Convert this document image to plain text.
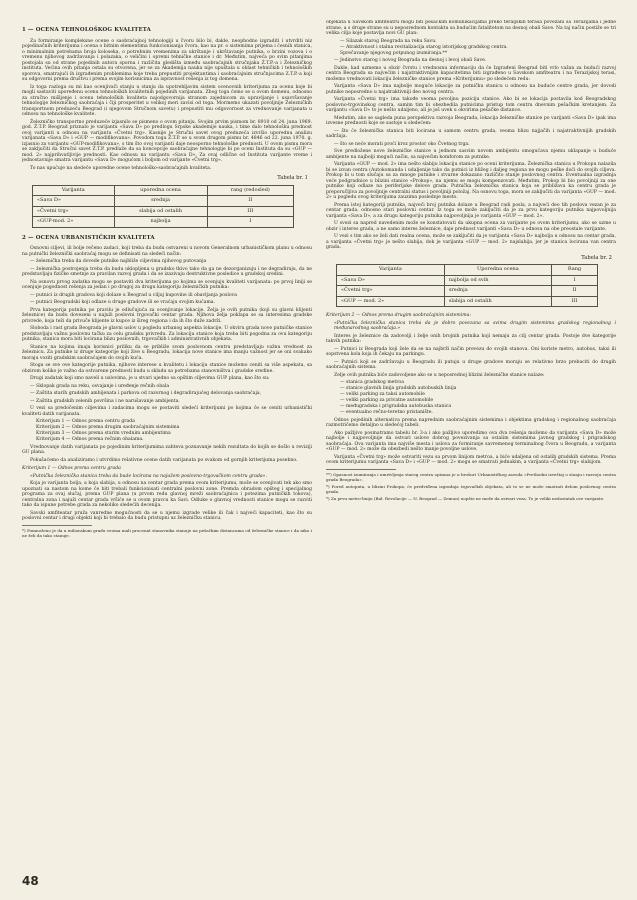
1 — OCENA TEHNOLOŠKOG KVALITETA

Za formiranje kompleksne ocene o saobraćajnoj tehnologiji u čvoru bilo bi, dakle, neophodno izgraditi i utvrditi niz pojedinačnih kriterijuma i ocena o bitnim elementima funkcionisanja čvora, kao na pr. o sistemima prijema i ćesnih stanica, o minimalnim potrebama broja koloseka, o potrebnim vremenima za ukrštanje i ukrštavanje putnika, o brzini vozova i o vremenu njihovog zadržavanja i polazaka, o veličini i opremi tehničke stanice i dr. Međutim, najveća po svim pitanjima postojala su od strane pojedinih autora sporna i različita gledišta između saobraćajnih stručnjaka Ž.T.P.-a i Železničkog instituta. Većina ovih pitanja ostala su otvorena, jer se za Akademija nauka nije upuštala u oblast tehničkih i tehnoloških sporova, smatrajući ih izgrađenim problemima koje treba prepustiti projektantima i saobraćajnim stručnjacima Z.T.P.-a koji su odgovorni prema društvu i prema svojim korisnicima za ispravnost rešenja iz tog domena.

Iz toga razloga su mi kao ocenjivači stanju u stanju da upotrebljavim sistem ocenovnih kriterijuma za ocenu koje bi mogli sastaviti upoređenu ocenu tehnoloških kvalitetnih pojedinih varijanata. Zbog toga ćemo se u ovom domenu, odnosno za stručno mišljenje i ocenu tehnoloških kvaliteta najodgovornija stranom zajednicom za upravljanje i usavršavanje tehnologije železničkog saobraćaja i čiji prosperitet u velikoj meri zavisi od toga. Mormemo ukazati povoljnije Železničkih transportnom preduzeću Beograd (i njegovom Stručnom savetu) i prepustiti mu odgovornost za vrednovanje varijanata u odnosu na tehnološke kvalitete.

Železničko transportno preduzeće izjasnilo se pismeno o ovom pitanju. Svojim prvim pismom br. 8910 od 24. juna 1969. god. Ž.T.P. Beograd priznalo je varijantu «Sava D» po predlogu Srpske akademije nauka, i time dalo tehnološku prednost ovoj varijanti u odnosu na varijantu «Čvetni trg». Kasnije je Stručni savet ovog preduzeća izvršio uporednu analizu varijanata «Sava D» i «GUP — modifikovana». Povodom toga Ž.T.P. se u svom drugom pismu br. 4846 od 22. juna 1970. g. izjasnio za varijantu «GUP-modifikovana», s tim što ovoj varijanti daje neosporno tehnološke prednosti. U ovom pismu mora se zaključiti da Stručni savet Ž.T.P. predlaže da sa koncepcije saobraćajne tehnologije bi po oceni Instituta da su «GUP — mod. 2» najprihvatljivije prednosti. Kao odnosu na varijantu «Sava D». Za ovaj odlične od Instituta varijante vreme i jednostavnije smatra varijantu «Sava D» mogućom i boljom od varijante «Čvetni trg».

To nas upućuje na sledeće uporedne ocene tehnološko-saobraćajnih kvaliteta.

Tabela br. 1
Varijanta	uporedna ocena	rang (redosled)
«Sava D»	srednja	II
«Čvetni trg»	slabija od ostalih	III
«GUP-mod. 2»	najbolja	I
2 — OCENA URBANISTIČKIH KVALITETA

Osnovni ciljevi, ili bolje rečeno zadaci, koji treba da budu ostvareni u novom Generalnom urbanističkom planu u odnosu na putnički železnički saobraćaj mogu se definisati na sledeći način:

— železnička treba da dovede putnike najbliže ciljevima njihovog putovanja

— železnička postrojenja treba da budu uklopljena u gradsko tkivo tako da ga ne dezorganizuju i ne degradiraju, da ne predstavljaju fizičke smetnje za pravilan razvoj grada i da se izazivaju destruktivne posledice u gradskoj sredini.

Na osnovu prvog zadatka mogu se postaviti dva kriterijuma po kojima se ocenjuju kvaliteti varijanata: po prvoj liniji se ocenjuje pogodnost rešenja za jedan i po drugoj za drugu kategoriju železničkih putnika:

— putnici iz drugih gradova koji dolaze u Beograd u ciljuj kupovine ili obavljanja poslova

— putnici Beogradski koji odlaze u druge gradove ili se vraćaju svojim kućama.

Prva kategorija putnika po pravilu je odlučujuća za ocenjivanje lokacije. Želja je ovih putnika (koji su glavni klijenti železnice) da budu dovezeni u najuži poslovni trgovački centar grada. Njihova želja poklapa se sa interesima gradske privrede, koja teži da privuče klijente iz kupce iz šireg regiona i da ih što duže zadrži.

Sloboda i rast grada Beograda je glavni uslov u pogledu urbanog aspekta lokacije. U okviru grada nove putničke stanice predstavljaju važnu poslovnu tačku za celu gradsku privredu. Za lokaciju stanice koja treba biti pogodna za ovu kategoriju putnika, stanica mora biti locirana blizu poslovnih, trgovačkih i administrativnih objekata.

Stanice na kojima imaju korisnici priliku da se približe svom poslovnom centru predstavljaju važnu vrednost za železnicu. Za putnike iz druge kategorije koji žive u Beogradu, lokacija nove stanice ima manju važnost jer se oni svakako moraju voziti gradskim saobraćajem do svojih kuća.

Stoga se sve ove kategorije putnika, njihove interese u kvalitetu i lokaciju stanice možemo ceniti sa više aspekata, sa obzirom koliko je važno da ostvarene prednosti budu u skladu sa potrebama stanovništva i gradske sredine.

Drugi zadatak koji smo naveli u uslovima, je u stvari ujedno sa opštim ciljevima GUP plana, kao što su:

— Sklopak grada na reku, osvajanje i uređenje rečnih obala

— Zaštita starih gradskih ambijenata i parkova od razornog i degradirajućeg delovanja saobraćaja,

— Zaštita gradskih zelenih površina i ne narušavanje ambijenta.

U vezi sa predočenim ciljevima i zadacima mogu se postaviti sledeći kriterijumi po kojima će se ceniti urbanistički kvaliteti datih varijanata.

Kriterijum 1 — Odnos prema centru grada
Kriterijum 2 — Odnos prema drugim saobraćajnim sistemima
Kriterijum 3 — Odnos prema starim vrednim ambijentima
Kriterijum 4 — Odnos prema rečnim obalama.

Vrednovanje datih varijanata po pojedinim kriterijumima zahteva poznavanje nekih rezultata do kojih se došlo u reviziji GU plana.

Pokušaćemo da analiziramo i utvrdimo relativne ocene datih varijanata po svakom od gornjih kriterijuma posebno.

Kriterijum 1 — Odnos prema centru grada

«Putnička železnička stanica treba da bude locirana na najužem poslovno-trgovačkom centru grada».

Koja je varijanta bolja, a koja slabija, u odnosu na centar grada prema ovom kriterijumu, može se ocenjivati tek ako smo upoznati sa nastom na kome će biti trebali funkcionisati centralni poslovni zone. Premda obradom opšteg i specijalnog programa za ovaj slučaj, prema GUP plana (u prvom redu glavnoj mreži saobraćajnica i potezima putničkih tokova), centralna zona i najuži centar grada vršiće se u ovom pravcu ka Savi. Odluke o glavnoj vrednosti stanice mogu se razviti tako da ispune potrebe grada za nekoliko sledećih decenija.

Savski amfiteatar pruža vanredne mogućnosti da se u njemu izgrade velike ili čak i najveći kapaciteti, kao što su poslovni centar i drugi objekti koji bi trebalo da budu pristupni uz železničku stanicu.

*) Pomnoženo je da u milionskom gradu veoma mali procenat stanovnika stanuje na pešačkim distancama od železničke stanice i da niko i ne želi da tako stanuje.

objekata u Savskom amfiteatru mogu biti pešačkim komunikacijama preko teraljskih terasa povezani sa Terazijama i jedne strane, a s druge strane su u neposrednom kontaktu sa budućim fatalitetom na desnoj obali Save. Na taj način postiže se tri velika cilja koje postavlja novi GU plan:

— Silazak starog Beograda na reku Savu.
— Atraktivnost i stalna revitalizacija starog istorijskog gradskog centra.
Sprečavanje njegovog potpunog izumiranja.**

— Jedinstvo starog i novog Beograda na desnoj i levoj obali Save.

Dakle, kad uzmemo u obzir čvrstu i vrednosnu informaciju da će Izgrađeni Beograd biti vrlo važan za budući razvoj centra Beograda sa najvećim i najatraktivnijim kapacitetima biti izgrađeno u Savskom amfiteatru i na Terazijskoj terasi, možemo vrednovati lokaciju železničke stanice prema «Kriterijumu» po sledećem redu:

Varijanta «Sava D» ima najbolje moguće lokacije za putničku stanicu u odnosu na buduće centre grada, jer dovodi putnike neposredno u najatraktivniji deo novog centra.

Varijanta «Čvetni trg» ima takođe veoma povoljnu poziciju stanice. Ako bi se lokacija postavila kod Beogradskog poslovno-trgovinskog centra, samim tim bi obezbedila putnicima pristup tom centru dnevnim pešačkim kretanjem. Za varijantu «Sava D» to je nešto udaljeno, ali je još uvek u okvirima pešačke distance.

Medutim, ako se sagleda puna perspektiva razvoja Beograda, lokacija železničke stanice po varijanti «Sava D» ipak ima izvesne prednosti koje se sastoje u sledećem:

— što će železnička stanica biti locirana u samom centru grada, veoma blizu najjačih i najatraktivnijih gradskih sadržaja.

— što se neće morati proći kroz prostor oko Čvetnog trga.

Sve predložene nove železničke stanice u jednom sasvim novom ambijentu omogućava njemu uklapanje u buduće ambijente na najbolji mogući način, sa najvećim komforom za putnike.

Varijanta «GUP — mod. 2» ima nešto slabiju lokaciju stanice po oceni kriterijuma. Železnička stanica u Prokopu nalazila bi se izvan centra (Autokomanda i udaljenije tako da putnici iz bližeg i daljeg regiona ne mogu peške doći do svojih ciljeva. Prokop bi u tom slučaju sa za mnoge putnike i stvarne dokazano različito stanje poslovnog centra. Eventualna izgradnja veće podgradnice u blizini stanice «Prokop», na njemu se mogu kompenzovati. Međutim, Prokop bi bio povoljniji za one putnike koji odlaze na periferijske delove grada. Putnička železnička stanica koja se približava ka centru grada je preporučljiva za povoljnije centralni status i povoljniji položaj. Na osnovu toga, mora se zaključiti da varijanta «GUP — mod. 2» u pogledu ovog kriterijuma zauzima poslednje mesto.

Prema istoj kategoriji putnika, najveći broj putnika dolaze u Beograd radi posla, a najveći deo tih poslova vezan je za centar grada, odnosno stari poslovni centar. Iz toga se može zaključiti da je za prvu kategoriju putnika najpovoljnija varijanta «Sava D», a za drugu kategoriju putnika najpovoljnija je varijanta «GUP — mod. 2».

U svezi sa napred navedenim može se konstatovati da ukupna ocena za varijante po ovom kriterijumu, ako se uzme u obzir i interes grada, a ne samo interes železnice, daje prednost varijanti «Sava D» u odnosu na obe preostale varijante.

U vezi s tim ako se želi dati realna ocena, može se zaključiti da je varijanta «Sava D» najbolja u odnosu na centar grada, a varijanta «Čvetni trg» je nešto slabija, dok je varijanta «GUP — mod. 2» najslabija, jer je stanica locirana van centra grada.

Tabela br. 2
Varijanta	Uporedna ocena	Rang
«Sava D»	najbolja od svih	I
«Čvetni trg»	srednja	II
«GUP — mod. 2»	slabija od ostalih	III

Kriterijum 2 — Odnos prema drugim saobraćajnim sistemima:

«Putnička železnička stanica treba da je dobro povezana sa svima drugim sistemima gradskog regionalnog i međunarodnog saobraćaja.»

Interes je železnice da zadovolji i želje onih brojnih putnika koji nemaju za cilj centar grada. Postoje dve kategorije takvih putnika:

— Putnici iz Beograda koji žele da se na najbrži način prevezu do svojih stanova. Oni koriste metro, autobus, taksi ili sopstvena kola koja ih čekaju na parkingu.

— Putnici koji se zadržavaju u Beogradu ili putuju u druge gradove moraju se relativno brzo prebaciti do drugih saobraćajnih sistema.

Zelje ovih putnika biće zadovoljene ako se u neposrednoj blizini železničke stanice nalaze:

— stanica gradskog metroa
— stanice glavnih linija gradskih autobuskih linija
— veliki parking za taksi automobile
— veliki parking za privatne automobile
— međugradska i prigradska autobuska stanica
— eventualno rečno-teretno pristanište.

Odnos pojedinih alternativa prema naprednim saobraćajnim sistemima i objektima gradskog i regionalnog saobraćaja razmotrićemo detaljno u sledećoj tabeli.

Ako pažljivo posmatramo tabelu br. 3-a i ako pažljivo uporedimo ova dva rešenja možemo da varijanta «Sava D» može najbolje i najpovoljnije da ostvari uslove dobrog povezivanja sa ostalim sistemima javnog gradskog i prigradskog saobraćaja. Ova varijanta ima najviše mesta i uslova za formiranje savremenog terminalnog čvora u Beogradu, a varijanta «GUP — mod. 2» može da obezbedi nešto manje povoljne uslove.

Varijanta «Čvetni trg» može ostvariti vezu sa prvom linijom metroa, a biće udaljena od ostalih gradskih sistema. Prema ovom kriterijumu varijanta «Sava D» i «GUP — mod. 2» mogu se smatrati jednakim, a varijanta «Čvetni trg» slabijom.

**) Opasnost izumiranja i umrtvljenja starog centra opisana je u brošuri Urbanističkog zavoda «Prethodni izveštaj o stanju i razvoju centra grada Beograda».

*) Pored autoputa, u blizini Prokopa, će predviđena izgradnja trgovačkih objekata, ali to se ne može smatrati delom poslovnog centra grada.

*) Za prvu metro-liniju (Bul. Revolucije — N. Beograd — Zemun) uopšte ne može da ostvari veza. To je veliki nedostatak ove varijante.

48
